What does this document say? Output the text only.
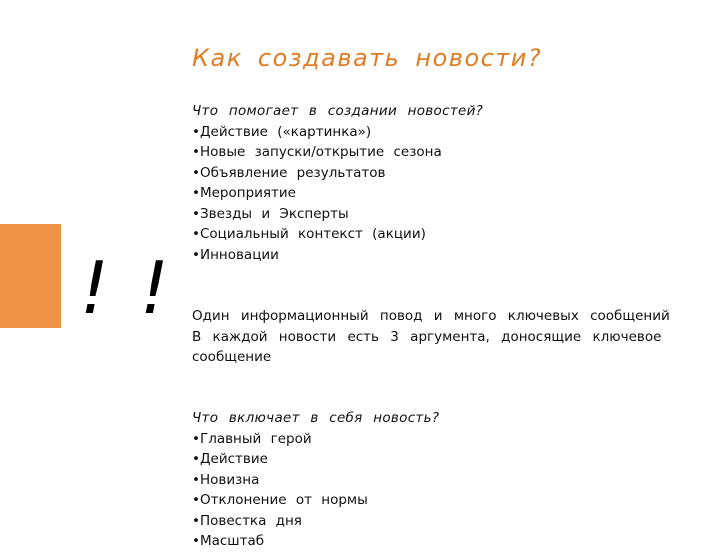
! !
Как создавать новости?
Что помогает в создании новостей?
• Действие («картинка»)
• Новые запуски/открытие сезона
• Объявление результатов
• Мероприятие
• Звезды и Эксперты
• Социальный контекст (акции)
• Инновации

Один информационный повод и много ключевых сообщений

В каждой новости есть 3 аргумента, доносящие ключевое сообщение

Что включает в себя новость?
• Главный герой
• Действие
• Новизна
• Отклонение от нормы
• Повестка дня
• Масштаб
